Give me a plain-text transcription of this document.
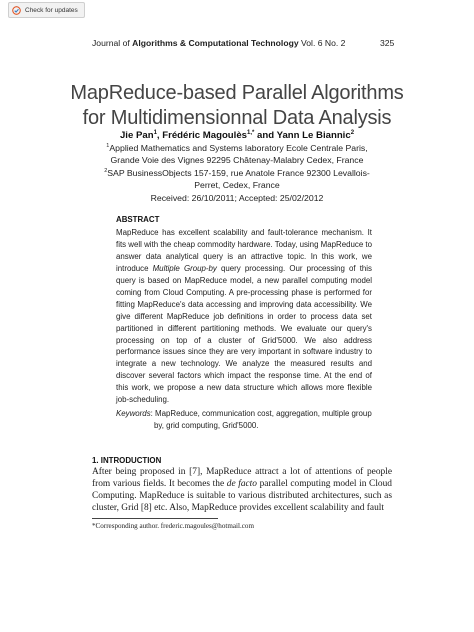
Check for updates
Journal of Algorithms & Computational Technology Vol. 6 No. 2	325
MapReduce-based Parallel Algorithms
for Multidimensionnal Data Analysis
Jie Pan$^1$, Frédéric Magoulès$^{1,*}$ and Yann Le Biannic$^2$
$^1$Applied Mathematics and Systems laboratory Ecole Centrale Paris,
Grande Voie des Vignes 92295 Châtenay-Malabry Cedex, France
$^2$SAP BusinessObjects 157-159, rue Anatole France 92300 Levallois-
Perret, Cedex, France
Received: 26/10/2011; Accepted: 25/02/2012
ABSTRACT
MapReduce has excellent scalability and fault-tolerance mechanism. It fits well with the cheap commodity hardware. Today, using MapReduce to answer data analytical query is an attractive topic. In this work, we introduce Multiple Group-by query processing. Our processing of this query is based on MapReduce model, a new parallel computing model coming from Cloud Computing. A pre-processing phase is performed for fitting MapReduce's data accessing and improving data accessibility. We give different MapReduce job definitions in order to process data set partitioned in different partitioning methods. We evaluate our query's processing on top of a cluster of Grid'5000. We also address performance issues since they are very important in software industry to integrate a new technology. We analyze the measured results and discover several factors which impact the response time. At the end of this work, we propose a new data structure which allows more flexible job-scheduling.
Keywords: MapReduce, communication cost, aggregation, multiple group
by, grid computing, Grid'5000.
1. INTRODUCTION
After being proposed in [7], MapReduce attract a lot of attentions of people from various fields. It becomes the de facto parallel computing model in Cloud Computing. MapReduce is suitable to various distributed architectures, such as cluster, Grid [8] etc. Also, MapReduce provides excellent scalability and fault
*Corresponding author. frederic.magoules@hotmail.com
